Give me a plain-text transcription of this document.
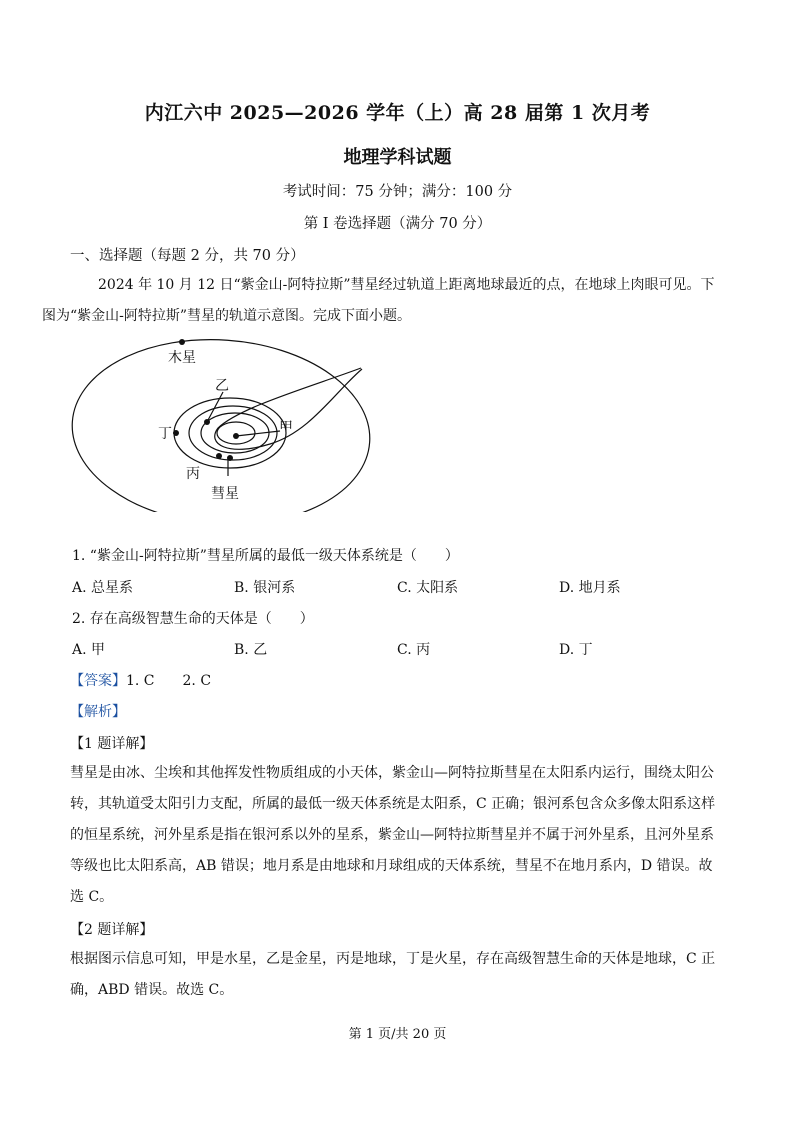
内江六中 2025—2026 学年（上）高 28 届第 1 次月考
地理学科试题
考试时间：75 分钟；满分：100 分
第 I 卷选择题（满分 70 分）
一、选择题（每题 2 分，共 70 分）
2024 年 10 月 12 日“紫金山-阿特拉斯”彗星经过轨道上距离地球最近的点，在地球上肉眼可见。下
图为“紫金山-阿特拉斯”彗星的轨道示意图。完成下面小题。
木星
乙
甲
丁
丙
彗星
1. “紫金山-阿特拉斯”彗星所属的最低一级天体系统是（　　）
A. 总星系	B. 银河系	C. 太阳系	D. 地月系
2. 存在高级智慧生命的天体是（　　）
A. 甲	B. 乙	C. 丙	D. 丁
【答案】1. C　　2. C
【解析】
【1 题详解】
彗星是由冰、尘埃和其他挥发性物质组成的小天体，紫金山—阿特拉斯彗星在太阳系内运行，围绕太阳公
转，其轨道受太阳引力支配，所属的最低一级天体系统是太阳系，C 正确；银河系包含众多像太阳系这样
的恒星系统，河外星系是指在银河系以外的星系，紫金山—阿特拉斯彗星并不属于河外星系，且河外星系
等级也比太阳系高，AB 错误；地月系是由地球和月球组成的天体系统，彗星不在地月系内，D 错误。故
选 C。
【2 题详解】
根据图示信息可知，甲是水星，乙是金星，丙是地球，丁是火星，存在高级智慧生命的天体是地球，C 正
确，ABD 错误。故选 C。
第 1 页/共 20 页
